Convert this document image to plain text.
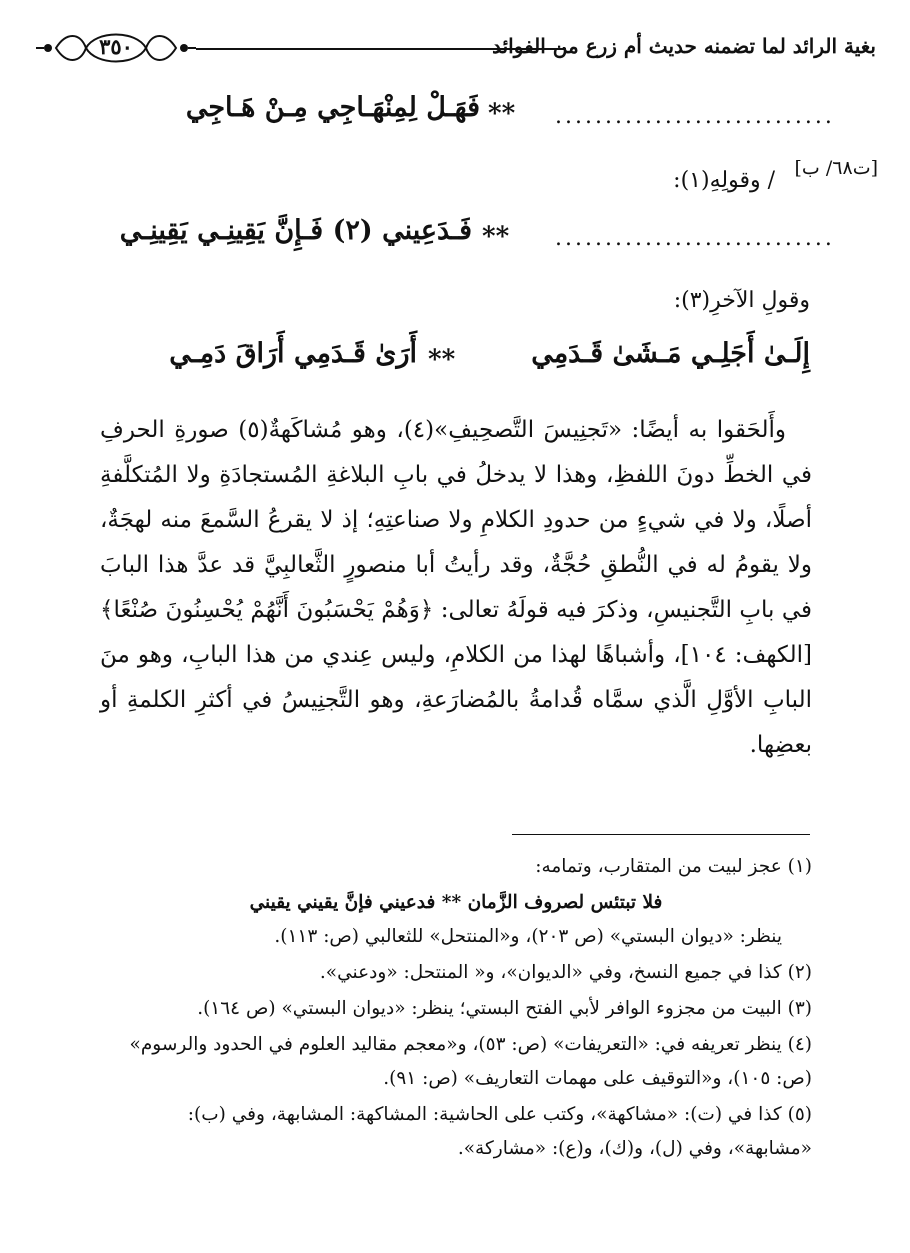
٣٥٠	بغية الرائد لما تضمنه حديث أم زرع من الفوائد
............................
**
فَهَـلْ لِمِنْهَـاجِي مِـنْ هَـاجِي
[ت٦٨/ ب]
/ وقولِهِ(١):
............................
**
فَـدَعِيني (٢) فَـإِنَّ يَقِينِـي يَقِينِـي
وقولِ الآخرِ(٣):
إِلَـىٰ أَجَلِـي مَـشَىٰ قَـدَمِي
**
أَرَىٰ قَـدَمِي أَرَاقَ دَمِـي

وأَلحَقوا به أيضًا: «تَجنِيسَ التَّصحِيفِ»(٤)، وهو مُشاكَهةٌ(٥) صورةِ الحرفِ في الخطِّ دونَ اللفظِ، وهذا لا يدخلُ في بابِ البلاغةِ المُستجادَةِ ولا المُتكلَّفةِ أصلًا، ولا في شيءٍ من حدودِ الكلامِ ولا صناعتِهِ؛ إذ لا يقرعُ السَّمعَ منه لهجَةٌ، ولا يقومُ له في النُّطقِ حُجَّةٌ، وقد رأيتُ أبا منصورٍ الثَّعالبِيَّ قد عدَّ هذا البابَ في بابِ التَّجنيسِ، وذكرَ فيه قولَهُ تعالى: ﴿وَهُمْ يَحْسَبُونَ أَنَّهُمْ يُحْسِنُونَ صُنْعًا﴾ [الكهف: ١٠٤]، وأشباهًا لهذا من الكلامِ، وليس عِندي من هذا البابِ، وهو منَ البابِ الأوَّلِ الَّذي سمَّاه قُدامةُ بالمُضارَعةِ، وهو التَّجنِيسُ في أكثرِ الكلمةِ أو بعضِها.

(١) عجز لبيت من المتقارب، وتمامه:

فلا تبتئس لصروف الزَّمان ** فدعيني فإنَّ يقيني يقيني

ينظر: «ديوان البستي» (ص ٢٠٣)، و«المنتحل» للثعالبي (ص: ١١٣).

(٢) كذا في جميع النسخ، وفي «الديوان»، و« المنتحل: «ودعني».

(٣) البيت من مجزوء الوافر لأبي الفتح البستي؛ ينظر: «ديوان البستي» (ص ١٦٤).

(٤) ينظر تعريفه في: «التعريفات» (ص: ٥٣)، و«معجم مقاليد العلوم في الحدود والرسوم» (ص: ١٠٥)، و«التوقيف على مهمات التعاريف» (ص: ٩١).

(٥) كذا في (ت): «مشاكهة»، وكتب على الحاشية: المشاكهة: المشابهة، وفي (ب): «مشابهة»، وفي (ل)، و(ك)، و(ع): «مشاركة».
